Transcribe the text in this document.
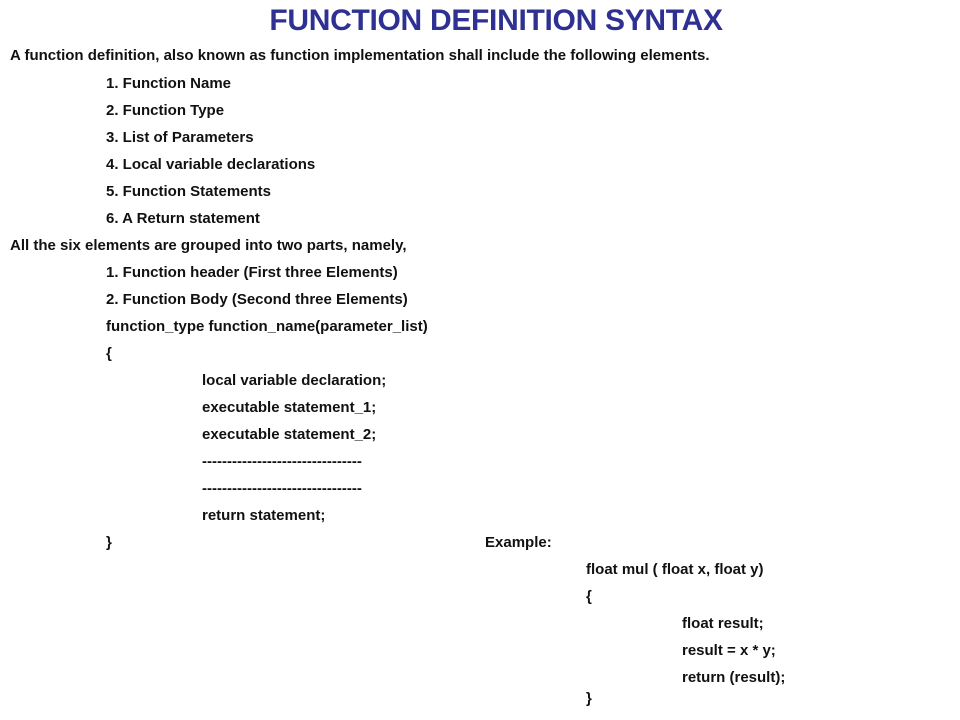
FUNCTION DEFINITION SYNTAX
A function definition, also known as function implementation shall include the following elements.
1. Function Name
2. Function Type
3. List of Parameters
4. Local variable declarations
5. Function Statements
6. A Return statement
All the six elements are grouped into two parts, namely,
1. Function header (First three Elements)
2. Function Body (Second three Elements)
function_type function_name(parameter_list)
{
local variable declaration;
executable statement_1;
executable statement_2;
--------------------------------
--------------------------------
return statement;
}	Example:
float mul ( float x, float y)
{
float result;
result = x * y;
return (result);
}
